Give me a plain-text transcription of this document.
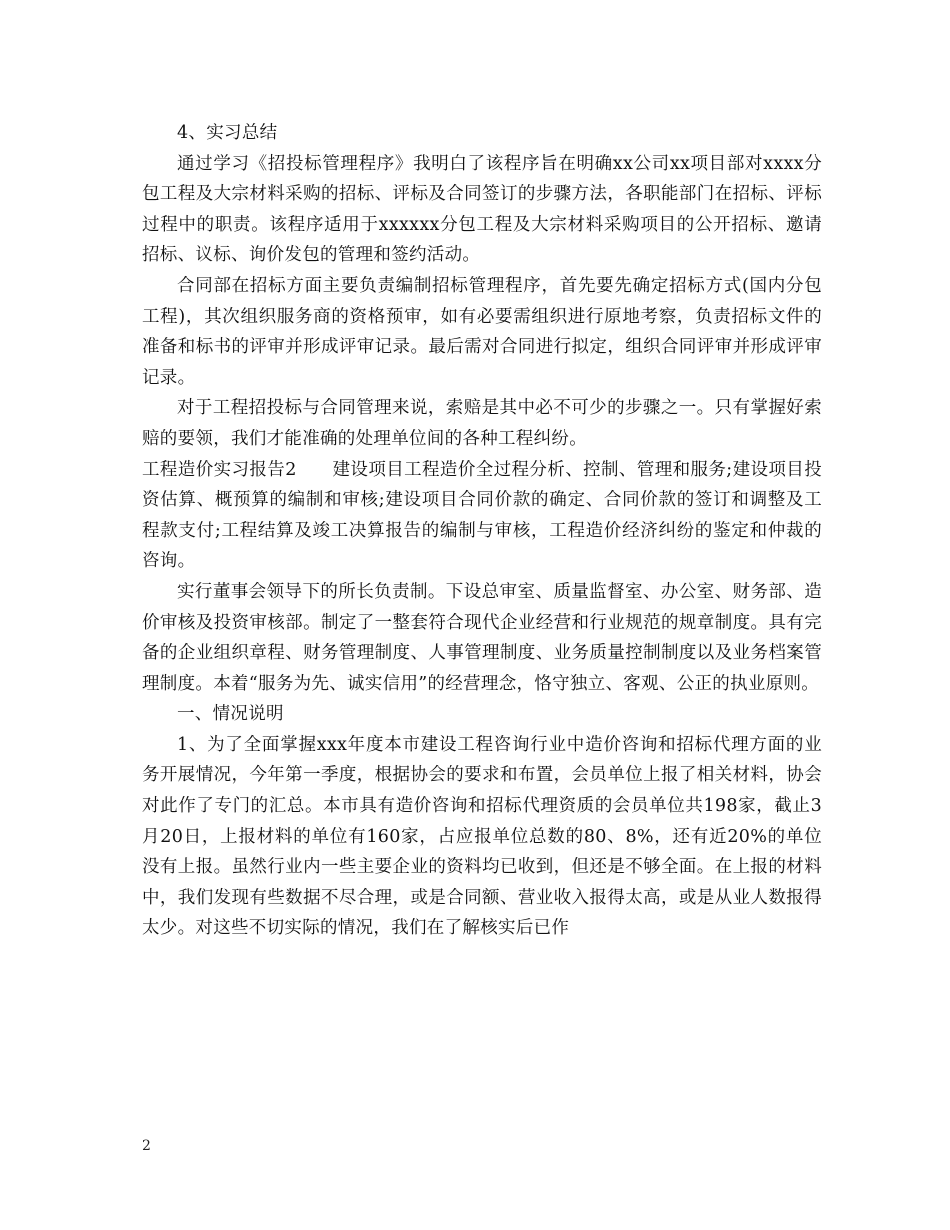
4、实习总结

通过学习《招投标管理程序》我明白了该程序旨在明确xx公司xx项目部对xxxx分包工程及大宗材料采购的招标、评标及合同签订的步骤方法，各职能部门在招标、评标过程中的职责。该程序适用于xxxxxx分包工程及大宗材料采购项目的公开招标、邀请招标、议标、询价发包的管理和签约活动。

合同部在招标方面主要负责编制招标管理程序，首先要先确定招标方式(国内分包工程)，其次组织服务商的资格预审，如有必要需组织进行原地考察，负责招标文件的准备和标书的评审并形成评审记录。最后需对合同进行拟定，组织合同评审并形成评审记录。

对于工程招投标与合同管理来说，索赔是其中必不可少的步骤之一。只有掌握好索赔的要领，我们才能准确的处理单位间的各种工程纠纷。

工程造价实习报告2　　建设项目工程造价全过程分析、控制、管理和服务;建设项目投资估算、概预算的编制和审核;建设项目合同价款的确定、合同价款的签订和调整及工程款支付;工程结算及竣工决算报告的编制与审核，工程造价经济纠纷的鉴定和仲裁的咨询。

实行董事会领导下的所长负责制。下设总审室、质量监督室、办公室、财务部、造价审核及投资审核部。制定了一整套符合现代企业经营和行业规范的规章制度。具有完备的企业组织章程、财务管理制度、人事管理制度、业务质量控制制度以及业务档案管理制度。本着“服务为先、诚实信用”的经营理念，恪守独立、客观、公正的执业原则。

一、情况说明

1、为了全面掌握xxx年度本市建设工程咨询行业中造价咨询和招标代理方面的业务开展情况，今年第一季度，根据协会的要求和布置，会员单位上报了相关材料，协会对此作了专门的汇总。本市具有造价咨询和招标代理资质的会员单位共198家，截止3月20日，上报材料的单位有160家，占应报单位总数的80、8%，还有近20%的单位没有上报。虽然行业内一些主要企业的资料均已收到，但还是不够全面。在上报的材料中，我们发现有些数据不尽合理，或是合同额、营业收入报得太高，或是从业人数报得太少。对这些不切实际的情况，我们在了解核实后已作

2
